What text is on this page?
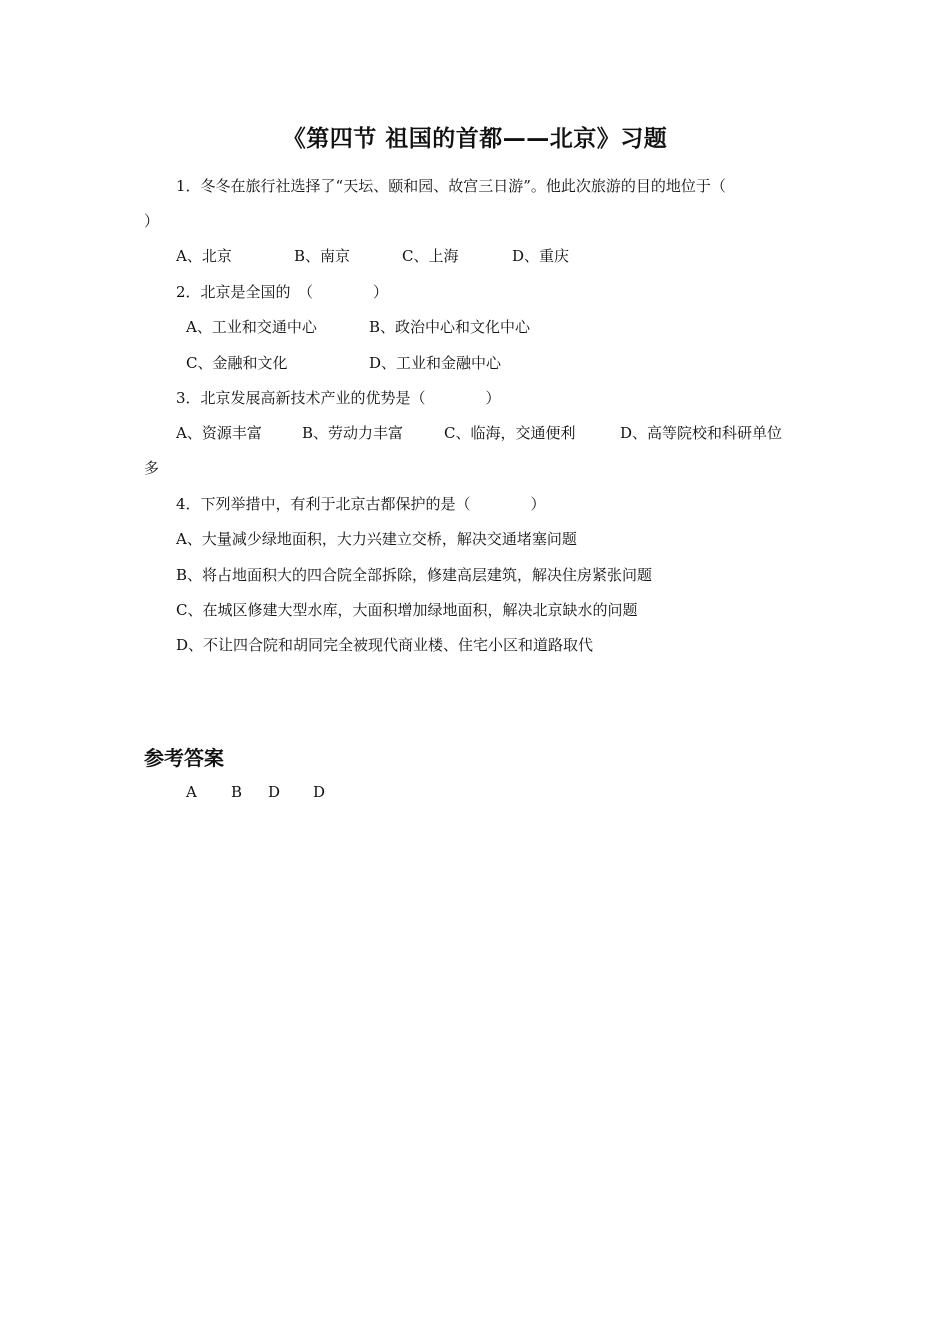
《第四节 祖国的首都——北京》习题
1．冬冬在旅行社选择了“天坛、颐和园、故宫三日游”。他此次旅游的目的地位于（
）
A、北京	B、南京	C、上海	D、重庆
2．北京是全国的　（　　　　）
A、工业和交通中心	B、政治中心和文化中心
C、金融和文化	D、工业和金融中心
3．北京发展高新技术产业的优势是（　　　　）
A、资源丰富	B、劳动力丰富	C、临海，交通便利	D、高等院校和科研单位
多
4．下列举措中，有利于北京古都保护的是（　　　　）
A、大量减少绿地面积，大力兴建立交桥，解决交通堵塞问题
B、将占地面积大的四合院全部拆除，修建高层建筑，解决住房紧张问题
C、在城区修建大型水库，大面积增加绿地面积，解决北京缺水的问题
D、不让四合院和胡同完全被现代商业楼、住宅小区和道路取代
参考答案
A B D D
